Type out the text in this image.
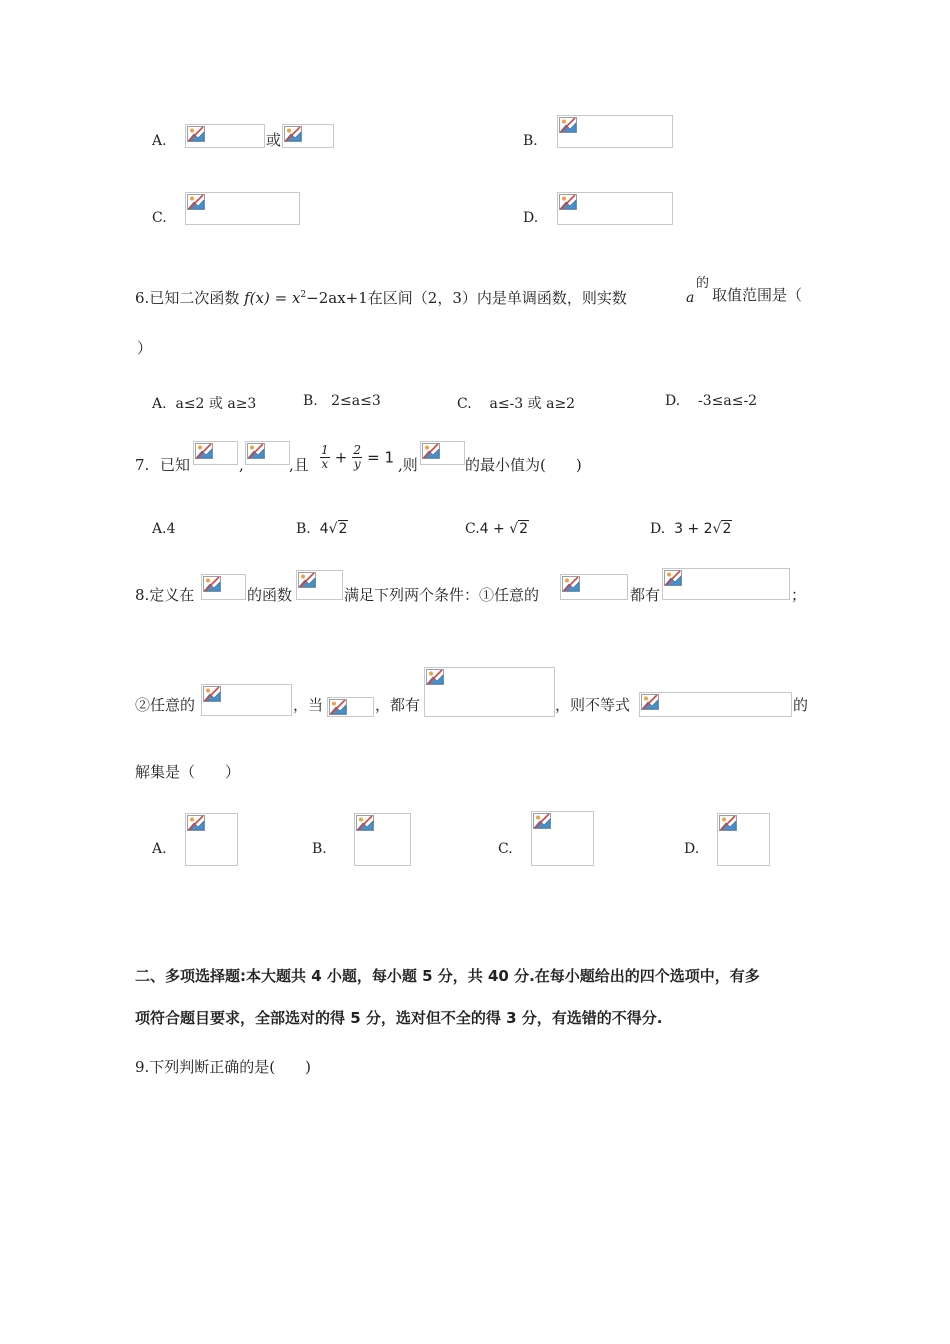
A.	或	B.
C.	D.
6.已知二次函数 $f(x) = x^2-2ax+1$在区间（2，3）内是单调函数，则实数	a
的
取值范围是（
）
A. a≤2 或 a≥3	B. 2≤a≤3	C. a≤-3 或 a≥2	D. -3≤a≤-2
7. 已知	,	,且 $\frac{1}{x} + \frac{2}{y} = 1$ ,则	的最小值为(　　)
A.4	B. 4√2	C.4 + √2	D. 3 + 2√2
8.定义在	的函数	满足下列两个条件：①任意的	都有	；
②任意的	，当	，都有	，则不等式	的
解集是（　　）
A.	B.	C.	D.
二、多项选择题:本大题共 4 小题，每小题 5 分，共 40 分.在每小题给出的四个选项中，有多
项符合题目要求，全部选对的得 5 分，选对但不全的得 3 分，有选错的不得分.
9.下列判断正确的是(　　)
